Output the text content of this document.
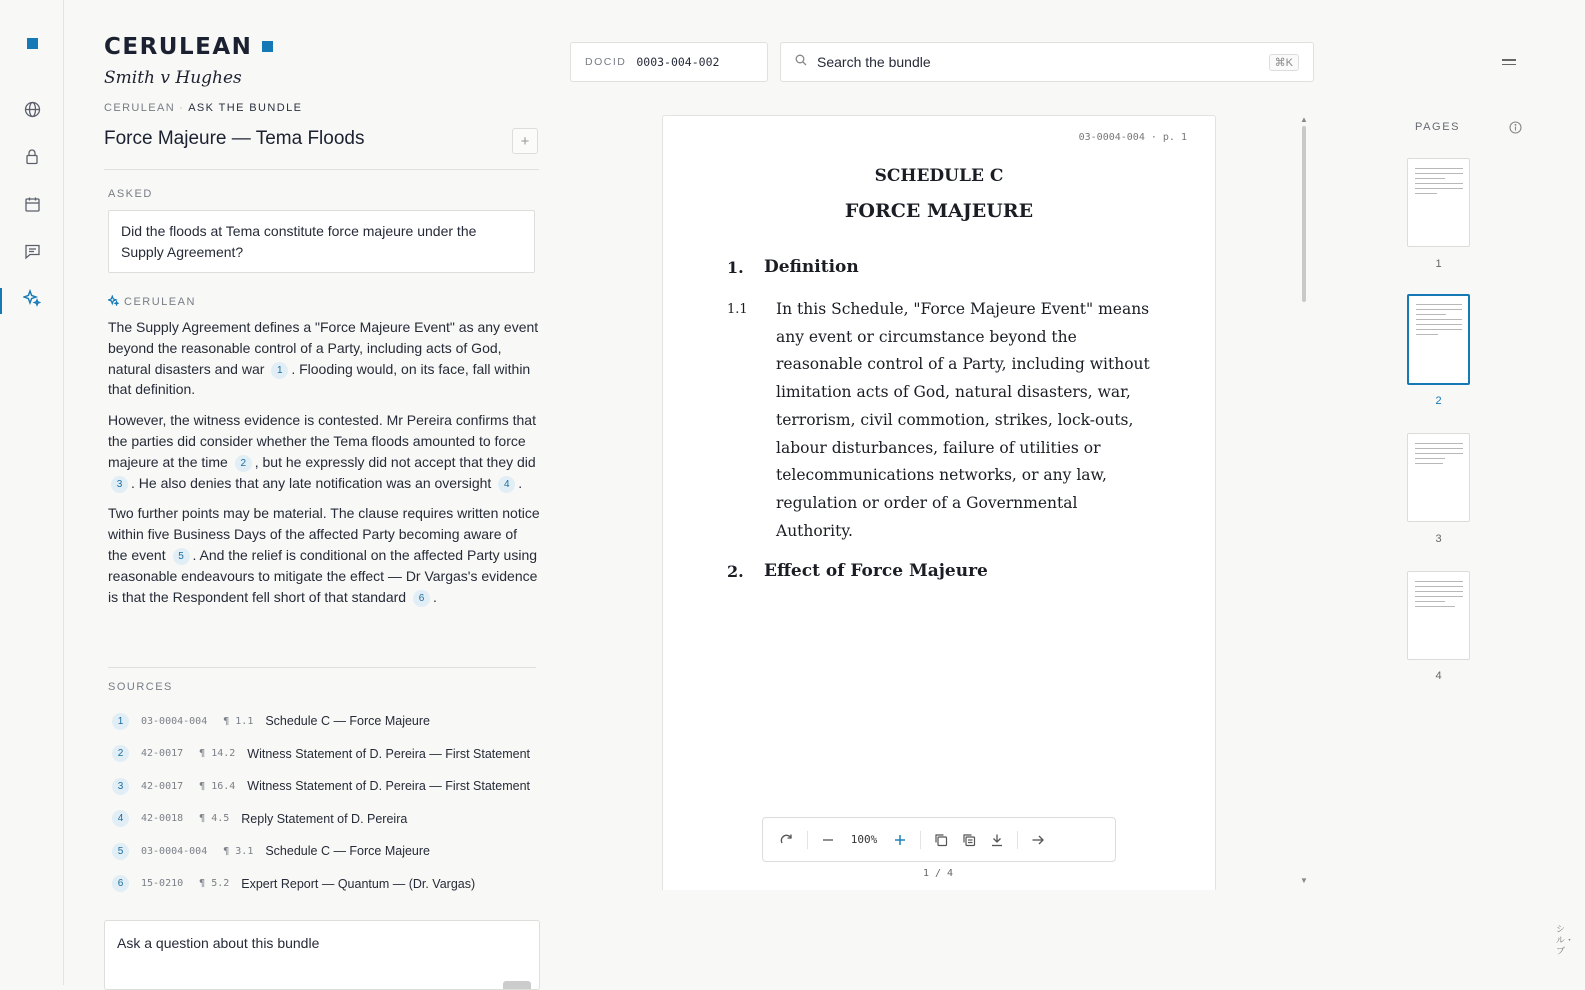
CERULEAN
Smith v Hughes
CERULEAN · ASK THE BUNDLE
Force Majeure — Tema Floods	+
ASKED
Did the floods at Tema constitute force majeure under the Supply Agreement?
CERULEAN

The Supply Agreement defines a "Force Majeure Event" as any event beyond the reasonable control of a Party, including acts of God, natural disasters and war 1 . Flooding would, on its face, fall within that definition.

However, the witness evidence is contested. Mr Pereira confirms that the parties did consider whether the Tema floods amounted to force majeure at the time 2 , but he expressly did not accept that they did 3 . He also denies that any late notification was an oversight 4 .

Two further points may be material. The clause requires written notice within five Business Days of the affected Party becoming aware of the event 5 . And the relief is conditional on the affected Party using reasonable endeavours to mitigate the effect — Dr Vargas's evidence is that the Respondent fell short of that standard 6 .

SOURCES
1	03-0004-004 ¶ 1.1 Schedule C — Force Majeure
2	42-0017 ¶ 14.2 Witness Statement of D. Pereira — First Statement
3	42-0017 ¶ 16.4 Witness Statement of D. Pereira — First Statement
4	42-0018 ¶ 4.5 Reply Statement of D. Pereira
5	03-0004-004 ¶ 3.1 Schedule C — Force Majeure
6	15-0210 ¶ 5.2 Expert Report — Quantum — (Dr. Vargas)
Ask a question about this bundle
DOCID
0003-004-002
Search the bundle	⌘K
03-0004-004 · p. 1
SCHEDULE C
FORCE MAJEURE
1. Definition
1.1 In this Schedule, "Force Majeure Event" means any event or circumstance beyond the reasonable control of a Party, including without limitation acts of God, natural disasters, war, terrorism, civil commotion, strikes, lock-outs, labour disturbances, failure of utilities or telecommunications networks, or any law, regulation or order of a Governmental Authority.
2. Effect of Force Majeure
100%
1 / 4
▲
▼
PAGES
1
2
3
4
シル・ブ
